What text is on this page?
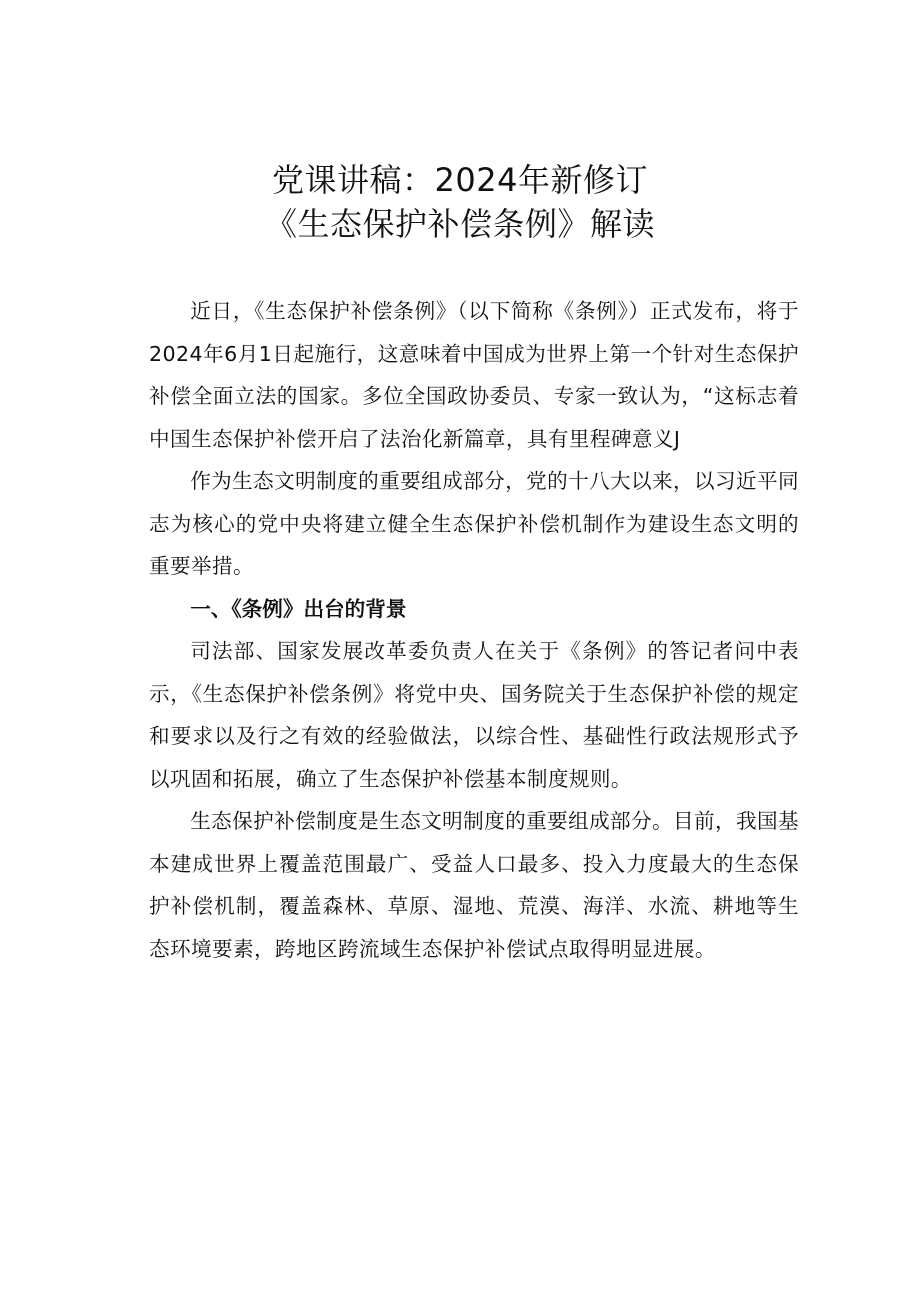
党课讲稿：2024年新修订
《生态保护补偿条例》解读

近日，《生态保护补偿条例》（以下简称《条例》）正式发布，将于2024年6月1日起施行，这意味着中国成为世界上第一个针对生态保护补偿全面立法的国家。多位全国政协委员、专家一致认为，“这标志着中国生态保护补偿开启了法治化新篇章，具有里程碑意义J

作为生态文明制度的重要组成部分，党的十八大以来，以习近平同志为核心的党中央将建立健全生态保护补偿机制作为建设生态文明的重要举措。

一、《条例》出台的背景

司法部、国家发展改革委负责人在关于《条例》的答记者问中表示，《生态保护补偿条例》将党中央、国务院关于生态保护补偿的规定和要求以及行之有效的经验做法，以综合性、基础性行政法规形式予以巩固和拓展，确立了生态保护补偿基本制度规则。

生态保护补偿制度是生态文明制度的重要组成部分。目前，我国基本建成世界上覆盖范围最广、受益人口最多、投入力度最大的生态保护补偿机制，覆盖森林、草原、湿地、荒漠、海洋、水流、耕地等生态环境要素，跨地区跨流域生态保护补偿试点取得明显进展。
